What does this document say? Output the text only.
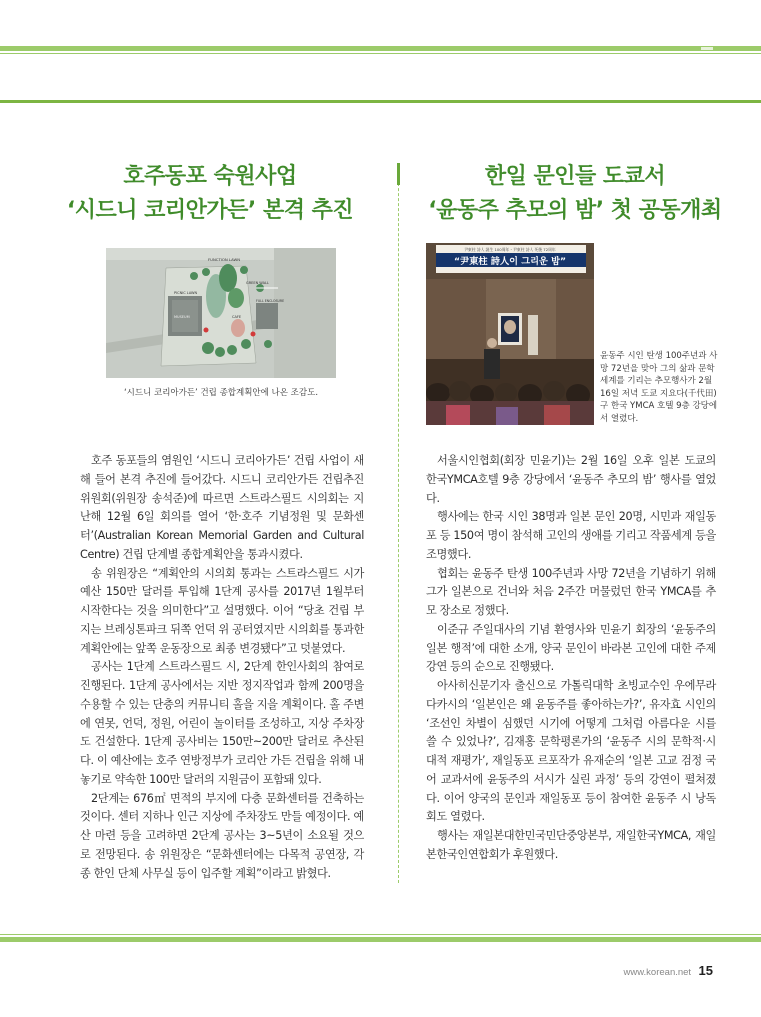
호주동포 숙원사업
‘시드니 코리안가든’ 본격 추진
FUNCTION LAWN
PICNIC LAWN
MUSEUM
GREEN WALL
FULL ENCLOSURE
CAFE

‘시드니 코리아가든’ 건립 종합계획안에 나온 조감도.

호주 동포들의 염원인 ‘시드니 코리아가든’ 건립 사업이 새해 들어 본격 추진에 들어갔다. 시드니 코리안가든 건립추진위원회(위원장 송석준)에 따르면 스트라스필드 시의회는 지난해 12월 6일 회의를 열어 ‘한·호주 기념정원 및 문화센터’(Australian Korean Memorial Garden and Cultural Centre) 건립 단계별 종합계획안을 통과시켰다.

송 위원장은 “계획안의 시의회 통과는 스트라스필드 시가 예산 150만 달러를 투입해 1단계 공사를 2017년 1월부터 시작한다는 것을 의미한다”고 설명했다. 이어 “당초 건립 부지는 브레싱톤파크 뒤쪽 언덕 위 공터였지만 시의회를 통과한 계획안에는 앞쪽 운동장으로 최종 변경됐다”고 덧붙였다.

공사는 1단계 스트라스필드 시, 2단계 한인사회의 참여로 진행된다. 1단계 공사에서는 지반 정지작업과 함께 200명을 수용할 수 있는 단층의 커뮤니티 홀을 지을 계획이다. 홀 주변에 연못, 언덕, 정원, 어린이 놀이터를 조성하고, 지상 주차장도 건설한다. 1단계 공사비는 150만~200만 달러로 추산된다. 이 예산에는 호주 연방정부가 코리안 가든 건립을 위해 내놓기로 약속한 100만 달러의 지원금이 포함돼 있다.

2단계는 676㎡ 면적의 부지에 다층 문화센터를 건축하는 것이다. 센터 지하나 인근 지상에 주차장도 만들 예정이다. 예산 마련 등을 고려하면 2단계 공사는 3~5년이 소요될 것으로 전망된다. 송 위원장은 “문화센터에는 다목적 공연장, 각종 한인 단체 사무실 등이 입주할 계획”이라고 밝혔다.

한일 문인들 도쿄서
‘윤동주 추모의 밤’ 첫 공동개최
尹東柱 詩人 誕生 100周年・尹東柱 詩人 死後 72周年
“尹東柱 詩人이 그리운 밤”

윤동주 시인 탄생 100주년과 사망 72년을 맞아 그의 삶과 문학세계를 기리는 추모행사가 2월 16일 저녁 도쿄 지요다(千代田)구 한국 YMCA 호텔 9층 강당에서 열렸다.

서울시인협회(회장 민윤기)는 2월 16일 오후 일본 도쿄의 한국YMCA호텔 9층 강당에서 ‘윤동주 추모의 밤’ 행사를 열었다.

행사에는 한국 시인 38명과 일본 문인 20명, 시민과 재일동포 등 150여 명이 참석해 고인의 생애를 기리고 작품세계 등을 조명했다.

협회는 윤동주 탄생 100주년과 사망 72년을 기념하기 위해 그가 일본으로 건너와 처음 2주간 머물렀던 한국 YMCA를 추모 장소로 정했다.

이준규 주일대사의 기념 환영사와 민윤기 회장의 ‘윤동주의 일본 행적’에 대한 소개, 양국 문인이 바라본 고인에 대한 주제 강연 등의 순으로 진행됐다.

아사히신문기자 출신으로 가톨릭대학 초빙교수인 우에무라 다카시의 ‘일본인은 왜 윤동주를 좋아하는가?’, 유자효 시인의 ‘조선인 차별이 심했던 시기에 어떻게 그처럼 아름다운 시를 쓸 수 있었나?’, 김재홍 문학평론가의 ‘윤동주 시의 문학적·시대적 재평가’, 재일동포 르포작가 유재순의 ‘일본 고교 검정 국어 교과서에 윤동주의 서시가 실린 과정’ 등의 강연이 펼쳐졌다. 이어 양국의 문인과 재일동포 등이 참여한 윤동주 시 낭독회도 열렸다.

행사는 재일본대한민국민단중앙본부, 재일한국YMCA, 재일본한국인연합회가 후원했다.

www.korean.net 15
